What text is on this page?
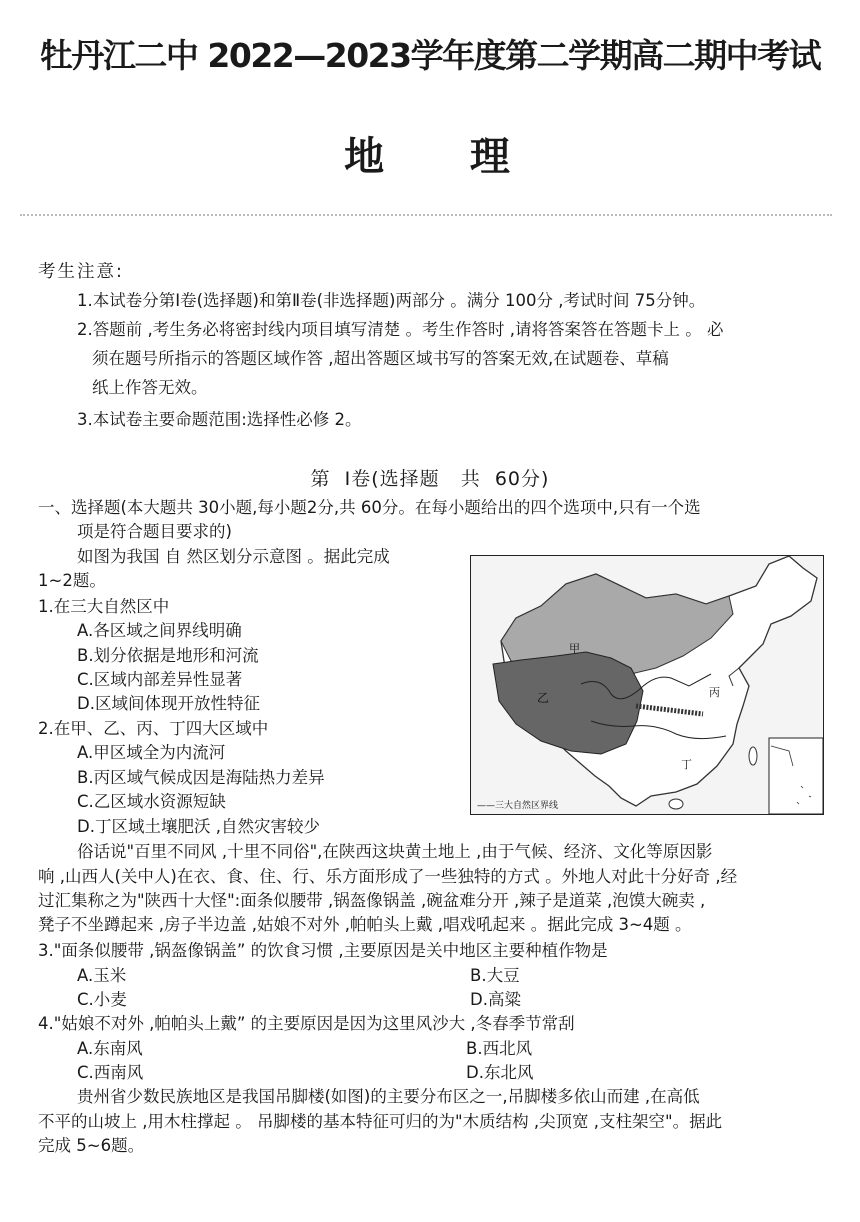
牡丹江二中 2022—2023学年度第二学期高二期中考试
地    理
考生注意:
1.本试卷分第Ⅰ卷(选择题)和第Ⅱ卷(非选择题)两部分 。满分 100分 ,考试时间 75分钟。
2.答题前 ,考生务必将密封线内项目填写清楚 。考生作答时 ,请将答案答在答题卡上 。 必
须在题号所指示的答题区域作答 ,超出答题区域书写的答案无效,在试题卷、草稿
纸上作答无效。
3.本试卷主要命题范围:选择性必修 2。
第  Ⅰ卷(选择题   共  60分)
一、选择题(本大题共 30小题,每小题2分,共 60分。在每小题给出的四个选项中,只有一个选
项是符合题目要求的)
如图为我国 自 然区划分示意图 。据此完成
1~2题。
1.在三大自然区中
A.各区域之间界线明确
B.划分依据是地形和河流
C.区域内部差异性显著
D.区域间体现开放性特征
2.在甲、乙、丙、丁四大区域中
A.甲区域全为内流河
B.丙区域气候成因是海陆热力差异
C.乙区域水资源短缺
D.丁区域土壤肥沃 ,自然灾害较少
甲
乙	丙
丁
——三大自然区界线
俗话说"百里不同风 ,十里不同俗",在陕西这块黄土地上 ,由于气候、经济、文化等原因影
响 ,山西人(关中人)在衣、食、住、行、乐方面形成了一些独特的方式 。外地人对此十分好奇 ,经
过汇集称之为"陕西十大怪":面条似腰带 ,锅盔像锅盖 ,碗盆难分开 ,辣子是道菜 ,泡馍大碗卖 ,
凳子不坐蹲起来 ,房子半边盖 ,姑娘不对外 ,帕帕头上戴 ,唱戏吼起来 。据此完成 3~4题 。
3."面条似腰带 ,锅盔像锅盖” 的饮食习惯 ,主要原因是关中地区主要种植作物是
A.玉米	B.大豆
C.小麦	D.高粱
4."姑娘不对外 ,帕帕头上戴” 的主要原因是因为这里风沙大 ,冬春季节常刮
A.东南风	B.西北风
C.西南风	D.东北风
贵州省少数民族地区是我国吊脚楼(如图)的主要分布区之一,吊脚楼多依山而建 ,在高低
不平的山坡上 ,用木柱撑起 。 吊脚楼的基本特征可归的为"木质结构 ,尖顶宽 ,支柱架空"。据此
完成 5~6题。
